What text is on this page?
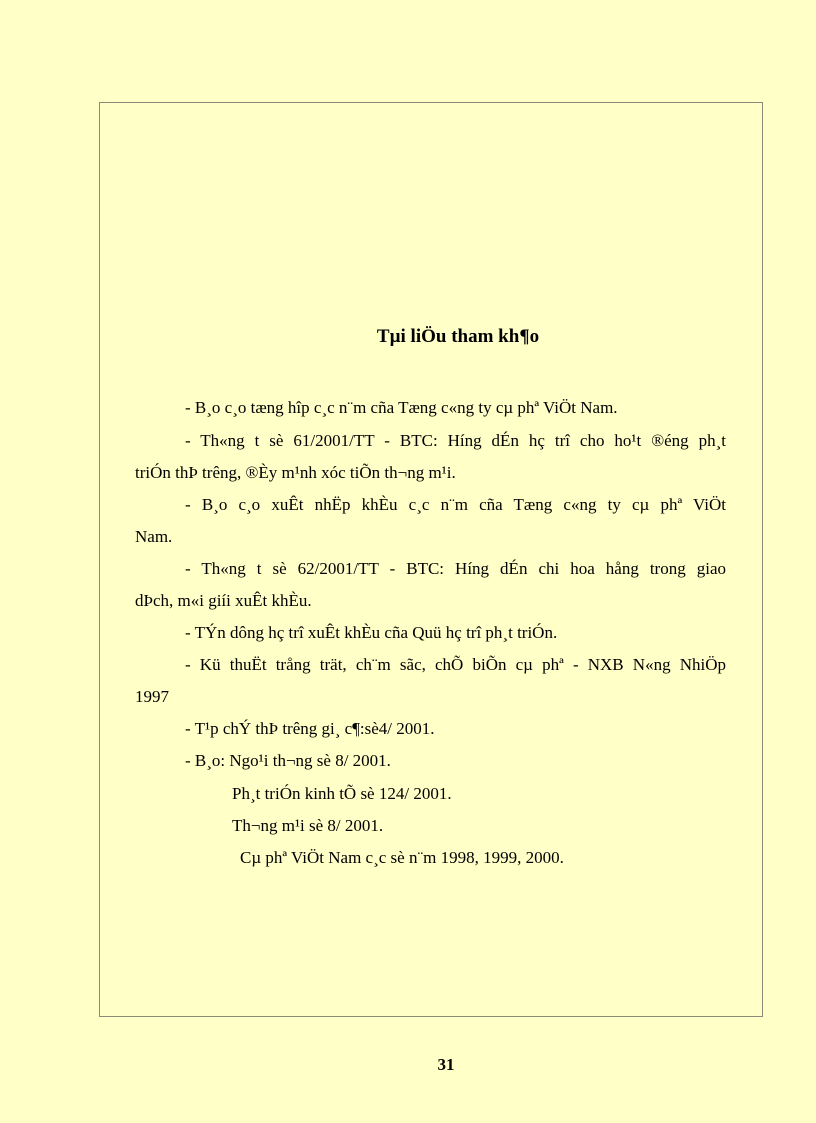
Tµi liÖu tham kh¶o
- B¸o c¸o tæng hîp c¸c n¨m cña Tæng c«ng ty cµ phª ViÖt Nam.
- Th«ng t sè 61/2001/TT - BTC: Híng dÉn hç trî cho ho¹t ®éng ph¸t
triÓn thÞ trêng, ®Èy m¹nh xóc tiÕn th¬ng m¹i.
- B¸o c¸o xuÊt nhËp khÈu c¸c n¨m cña Tæng c«ng ty cµ phª ViÖt
Nam.
- Th«ng t sè 62/2001/TT - BTC: Híng dÉn chi hoa hång trong giao
dÞch, m«i giíi xuÊt khÈu.
- TÝn dông hç trî xuÊt khÈu cña Quü hç trî ph¸t triÓn.
- Kü thuËt trång trät, ch¨m sãc, chÕ biÕn cµ phª - NXB N«ng NhiÖp
1997
- T¹p chÝ thÞ trêng gi¸ c¶:sè4/ 2001.
- B¸o: Ngo¹i th¬ng sè 8/ 2001.
Ph¸t triÓn kinh tÕ sè 124/ 2001.
Th¬ng m¹i sè 8/ 2001.
Cµ phª ViÖt Nam c¸c sè n¨m 1998, 1999, 2000.
31
